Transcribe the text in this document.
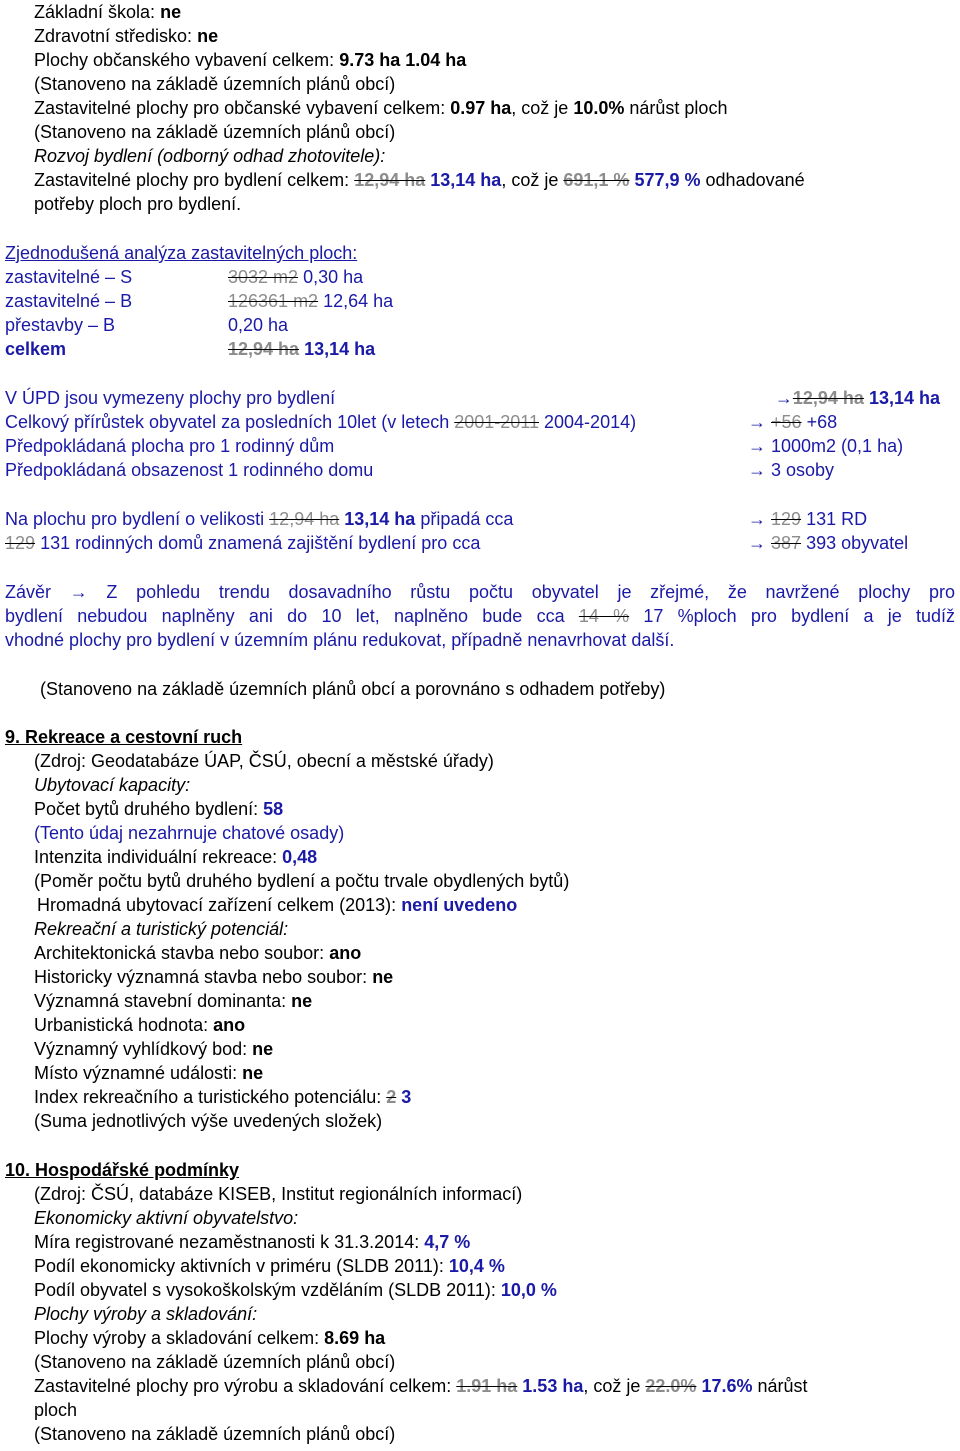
Základní škola: ne
Zdravotní středisko: ne
Plochy občanského vybavení celkem: 9.73 ha 1.04 ha
(Stanoveno na základě územních plánů obcí)
Zastavitelné plochy pro občanské vybavení celkem: 0.97 ha, což je 10.0% nárůst ploch
(Stanoveno na základě územních plánů obcí)
Rozvoj bydlení (odborný odhad zhotovitele):
Zastavitelné plochy pro bydlení celkem: 12,94 ha 13,14 ha, což je 691,1 % 577,9 % odhadované
potřeby ploch pro bydlení.
Zjednodušená analýza zastavitelných ploch:
zastavitelné – S	3032 m2 0,30 ha
zastavitelné – B	126361 m2 12,64 ha
přestavby – B	0,20 ha
celkem	12,94 ha 13,14 ha
V ÚPD jsou vymezeny plochy pro bydlení	→12,94 ha 13,14 ha
Celkový přírůstek obyvatel za posledních 10let (v letech 2001-2011 2004-2014)	→ +56 +68
Předpokládaná plocha pro 1 rodinný dům	→ 1000m2 (0,1 ha)
Předpokládaná obsazenost 1 rodinného domu	→ 3 osoby
Na plochu pro bydlení o velikosti 12,94 ha 13,14 ha připadá cca	→ 129 131 RD
129 131 rodinných domů znamená zajištění bydlení pro cca	→ 387 393 obyvatel
Závěr → Z pohledu trendu dosavadního růstu počtu obyvatel je zřejmé, že navržené plochy pro
bydlení nebudou naplněny ani do 10 let, naplněno bude cca 14 % 17 %ploch pro bydlení a je tudíž
vhodné plochy pro bydlení v územním plánu redukovat, případně nenavrhovat další.
(Stanoveno na základě územních plánů obcí a porovnáno s odhadem potřeby)
9. Rekreace a cestovní ruch
(Zdroj: Geodatabáze ÚAP, ČSÚ, obecní a městské úřady)
Ubytovací kapacity:
Počet bytů druhého bydlení: 58
(Tento údaj nezahrnuje chatové osady)
Intenzita individuální rekreace: 0,48
(Poměr počtu bytů druhého bydlení a počtu trvale obydlených bytů)
Hromadná ubytovací zařízení celkem (2013): není uvedeno
Rekreační a turistický potenciál:
Architektonická stavba nebo soubor: ano
Historicky významná stavba nebo soubor: ne
Významná stavební dominanta: ne
Urbanistická hodnota: ano
Významný vyhlídkový bod: ne
Místo významné události: ne
Index rekreačního a turistického potenciálu: 2 3
(Suma jednotlivých výše uvedených složek)
10. Hospodářské podmínky
(Zdroj: ČSÚ, databáze KISEB, Institut regionálních informací)
Ekonomicky aktivní obyvatelstvo:
Míra registrované nezaměstnanosti k 31.3.2014: 4,7 %
Podíl ekonomicky aktivních v priméru (SLDB 2011): 10,4 %
Podíl obyvatel s vysokoškolským vzděláním (SLDB 2011): 10,0 %
Plochy výroby a skladování:
Plochy výroby a skladování celkem: 8.69 ha
(Stanoveno na základě územních plánů obcí)
Zastavitelné plochy pro výrobu a skladování celkem: 1.91 ha 1.53 ha, což je 22.0% 17.6% nárůst
ploch
(Stanoveno na základě územních plánů obcí)
